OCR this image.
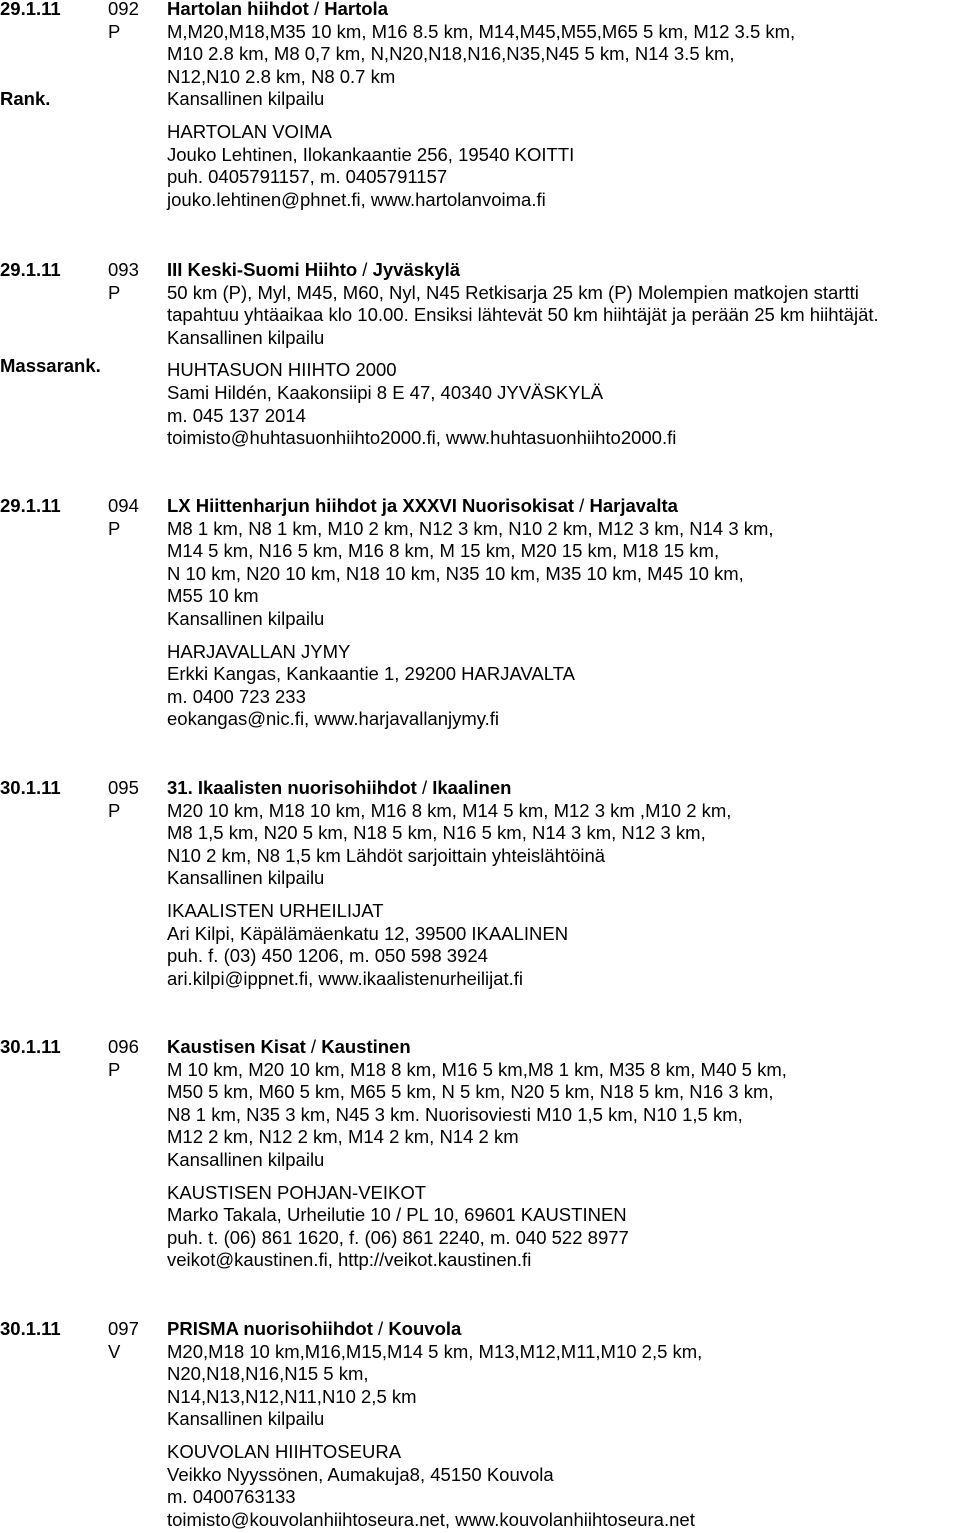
29.1.11	092
P
Rank.
Hartolan hiihdot / Hartola
M,M20,M18,M35 10 km, M16 8.5 km, M14,M45,M55,M65 5 km, M12 3.5 km,
M10 2.8 km, M8 0,7 km, N,N20,N18,N16,N35,N45 5 km, N14 3.5 km,
N12,N10 2.8 km, N8 0.7 km
Kansallinen kilpailu
HARTOLAN VOIMA
Jouko Lehtinen, Ilokankaantie 256, 19540 KOITTI
puh. 0405791157, m. 0405791157
jouko.lehtinen@phnet.fi, www.hartolanvoima.fi
29.1.11	093
P
Massarank.
III Keski-Suomi Hiihto / Jyväskylä
50 km (P), Myl, M45, M60, Nyl, N45 Retkisarja 25 km (P) Molempien matkojen startti
tapahtuu yhtäaikaa klo 10.00. Ensiksi lähtevät 50 km hiihtäjät ja perään 25 km hiihtäjät.
Kansallinen kilpailu
HUHTASUON HIIHTO 2000
Sami Hildén, Kaakonsiipi 8 E 47, 40340 JYVÄSKYLÄ
m. 045 137 2014
toimisto@huhtasuonhiihto2000.fi, www.huhtasuonhiihto2000.fi
29.1.11	094
P
LX Hiittenharjun hiihdot ja XXXVI Nuorisokisat / Harjavalta
M8 1 km, N8 1 km, M10 2 km, N12 3 km, N10 2 km, M12 3 km, N14 3 km,
M14 5 km, N16 5 km, M16 8 km, M 15 km, M20 15 km, M18 15 km,
N 10 km, N20 10 km, N18 10 km, N35 10 km, M35 10 km, M45 10 km,
M55 10 km
Kansallinen kilpailu
HARJAVALLAN JYMY
Erkki Kangas, Kankaantie 1, 29200 HARJAVALTA
m. 0400 723 233
eokangas@nic.fi, www.harjavallanjymy.fi
30.1.11	095
P
31. Ikaalisten nuorisohiihdot / Ikaalinen
M20 10 km, M18 10 km, M16 8 km, M14 5 km, M12 3 km ,M10 2 km,
M8 1,5 km, N20 5 km, N18 5 km, N16 5 km, N14 3 km, N12 3 km,
N10 2 km, N8 1,5 km Lähdöt sarjoittain yhteislähtöinä
Kansallinen kilpailu
IKAALISTEN URHEILIJAT
Ari Kilpi, Käpälämäenkatu 12, 39500 IKAALINEN
puh. f. (03) 450 1206, m. 050 598 3924
ari.kilpi@ippnet.fi, www.ikaalistenurheilijat.fi
30.1.11	096
P
Kaustisen Kisat / Kaustinen
M 10 km, M20 10 km, M18 8 km, M16 5 km,M8 1 km, M35 8 km, M40 5 km,
M50 5 km, M60 5 km, M65 5 km, N 5 km, N20 5 km, N18 5 km, N16 3 km,
N8 1 km, N35 3 km, N45 3 km. Nuorisoviesti M10 1,5 km, N10 1,5 km,
M12 2 km, N12 2 km, M14 2 km, N14 2 km
Kansallinen kilpailu
KAUSTISEN POHJAN-VEIKOT
Marko Takala, Urheilutie 10 / PL 10, 69601 KAUSTINEN
puh. t. (06) 861 1620, f. (06) 861 2240, m. 040 522 8977
veikot@kaustinen.fi, http://veikot.kaustinen.fi
30.1.11	097
V
PRISMA nuorisohiihdot / Kouvola
M20,M18 10 km,M16,M15,M14 5 km, M13,M12,M11,M10 2,5 km,
N20,N18,N16,N15 5 km,
N14,N13,N12,N11,N10 2,5 km
Kansallinen kilpailu
KOUVOLAN HIIHTOSEURA
Veikko Nyyssönen, Aumakuja8, 45150 Kouvola
m. 0400763133
toimisto@kouvolanhiihtoseura.net, www.kouvolanhiihtoseura.net
